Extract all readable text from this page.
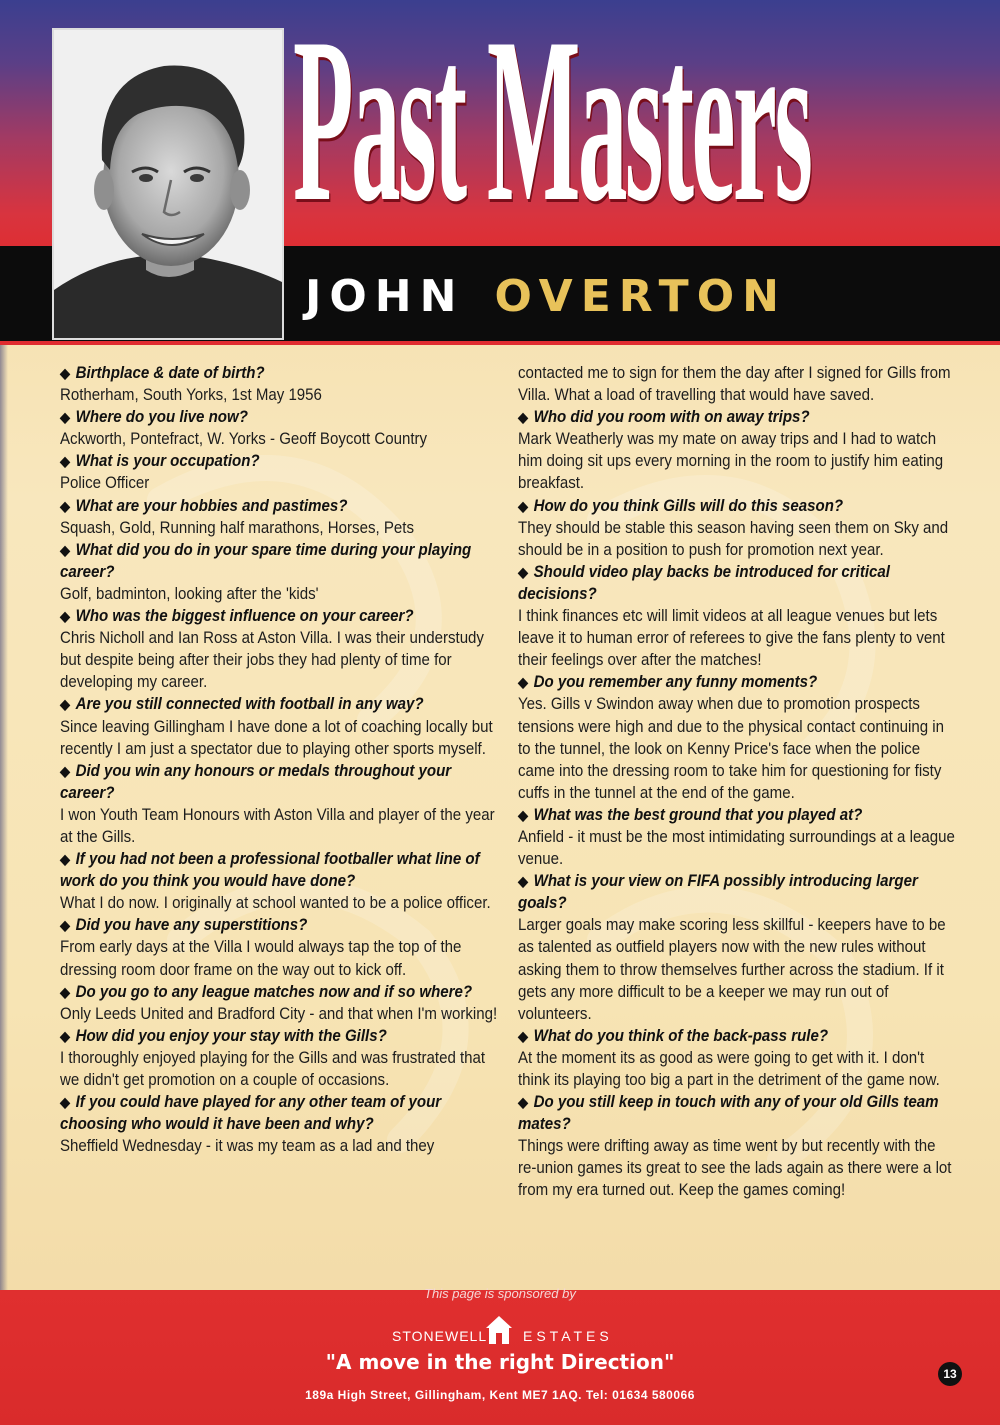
Past Masters
JOHN OVERTON

◆ Birthplace & date of birth?

Rotherham, South Yorks, 1st May 1956

◆ Where do you live now?

Ackworth, Pontefract, W. Yorks - Geoff Boycott Country

◆ What is your occupation?

Police Officer

◆ What are your hobbies and pastimes?

Squash, Gold, Running half marathons, Horses, Pets

◆ What did you do in your spare time during your playing career?

Golf, badminton, looking after the 'kids'

◆ Who was the biggest influence on your career?

Chris Nicholl and Ian Ross at Aston Villa. I was their understudy but despite being after their jobs they had plenty of time for developing my career.

◆ Are you still connected with football in any way?

Since leaving Gillingham I have done a lot of coaching locally but recently I am just a spectator due to playing other sports myself.

◆ Did you win any honours or medals throughout your career?

I won Youth Team Honours with Aston Villa and player of the year at the Gills.

◆ If you had not been a professional footballer what line of work do you think you would have done?

What I do now. I originally at school wanted to be a police officer.

◆ Did you have any superstitions?

From early days at the Villa I would always tap the top of the dressing room door frame on the way out to kick off.

◆ Do you go to any league matches now and if so where?

Only Leeds United and Bradford City - and that when I'm working!

◆ How did you enjoy your stay with the Gills?

I thoroughly enjoyed playing for the Gills and was frustrated that we didn't get promotion on a couple of occasions.

◆ If you could have played for any other team of your choosing who would it have been and why?

Sheffield Wednesday - it was my team as a lad and they

contacted me to sign for them the day after I signed for Gills from Villa. What a load of travelling that would have saved.

◆ Who did you room with on away trips?

Mark Weatherly was my mate on away trips and I had to watch him doing sit ups every morning in the room to justify him eating breakfast.

◆ How do you think Gills will do this season?

They should be stable this season having seen them on Sky and should be in a position to push for promotion next year.

◆ Should video play backs be introduced for critical decisions?

I think finances etc will limit videos at all league venues but lets leave it to human error of referees to give the fans plenty to vent their feelings over after the matches!

◆ Do you remember any funny moments?

Yes. Gills v Swindon away when due to promotion prospects tensions were high and due to the physical contact continuing in to the tunnel, the look on Kenny Price's face when the police came into the dressing room to take him for questioning for fisty cuffs in the tunnel at the end of the game.

◆ What was the best ground that you played at?

Anfield - it must be the most intimidating surroundings at a league venue.

◆ What is your view on FIFA possibly introducing larger goals?

Larger goals may make scoring less skillful - keepers have to be as talented as outfield players now with the new rules without asking them to throw themselves further across the stadium. If it gets any more difficult to be a keeper we may run out of volunteers.

◆ What do you think of the back-pass rule?

At the moment its as good as were going to get with it. I don't think its playing too big a part in the detriment of the game now.

◆ Do you still keep in touch with any of your old Gills team mates?

Things were drifting away as time went by but recently with the re-union games its great to see the lads again as there were a lot from my era turned out. Keep the games coming!

This page is sponsored by
STONEWELL	ESTATES
"A move in the right Direction"
189a High Street, Gillingham, Kent ME7 1AQ. Tel: 01634 580066
13
